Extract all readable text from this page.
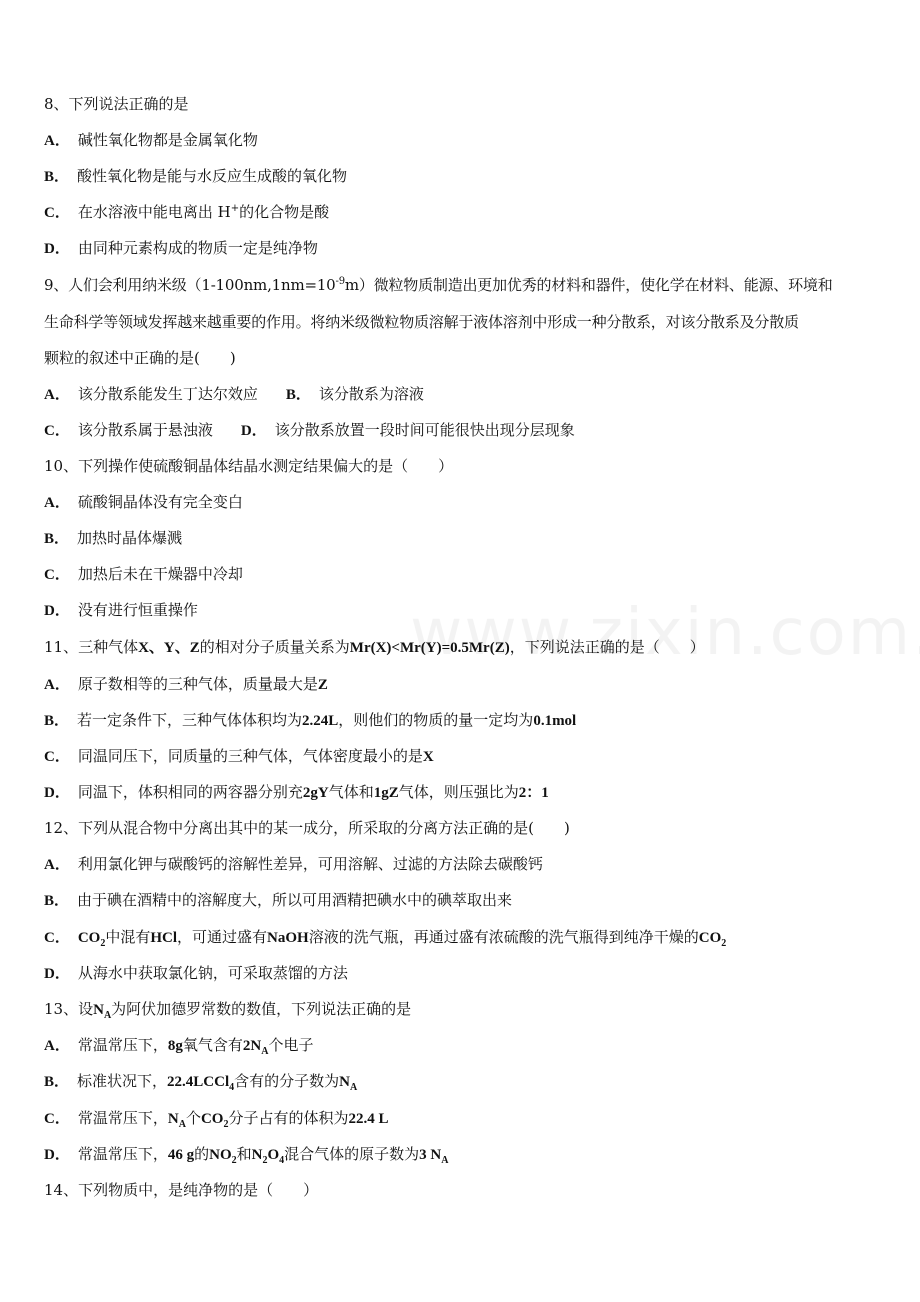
8、下列说法正确的是
A． 碱性氧化物都是金属氧化物
B． 酸性氧化物是能与水反应生成酸的氧化物
C． 在水溶液中能电离出 H+的化合物是酸
D． 由同种元素构成的物质一定是纯净物
9、人们会利用纳米级$(1-100nm,1nm=10^{-9}m)$微粒物质制造出更加优秀的材料和器件，使化学在材料、能源、环境和
生命科学等领域发挥越来越重要的作用。将纳米级微粒物质溶解于液体溶剂中形成一种分散系，对该分散系及分散质
颗粒的叙述中正确的是(　　)
A． 该分散系能发生丁达尔效应 B． 该分散系为溶液
C． 该分散系属于悬浊液 D． 该分散系放置一段时间可能很快出现分层现象
10、下列操作使硫酸铜晶体结晶水测定结果偏大的是（　　）
A． 硫酸铜晶体没有完全变白
B． 加热时晶体爆溅
C． 加热后未在干燥器中冷却
D． 没有进行恒重操作
11、三种气体X、Y、Z的相对分子质量关系为Mr(X)<Mr(Y)=0.5Mr(Z)，下列说法正确的是（　　）
A． 原子数相等的三种气体，质量最大是Z
B． 若一定条件下，三种气体体积均为2.24L，则他们的物质的量一定均为0.1mol
C． 同温同压下，同质量的三种气体，气体密度最小的是X
D． 同温下，体积相同的两容器分别充2gY气体和1gZ气体，则压强比为2：1
12、下列从混合物中分离出其中的某一成分，所采取的分离方法正确的是(　　)
A． 利用氯化钾与碳酸钙的溶解性差异，可用溶解、过滤的方法除去碳酸钙
B． 由于碘在酒精中的溶解度大，所以可用酒精把碘水中的碘萃取出来
C． $CO_2$中混有HCl，可通过盛有NaOH溶液的洗气瓶，再通过盛有浓硫酸的洗气瓶得到纯净干燥的$CO_2$
D． 从海水中获取氯化钠，可采取蒸馏的方法
13、设$N_A$为阿伏加德罗常数的数值，下列说法正确的是
A． 常温常压下，8g氧气含有$2N_A$个电子
B． 标准状况下，22.4LCCl$_4$含有的分子数为$N_A$
C． 常温常压下，$N_A$个$CO_2$分子占有的体积为22.4 L
D． 常温常压下，46 g的$NO_2$和$N_2O_4$混合气体的原子数为3 $N_A$
14、下列物质中，是纯净物的是（　　）
